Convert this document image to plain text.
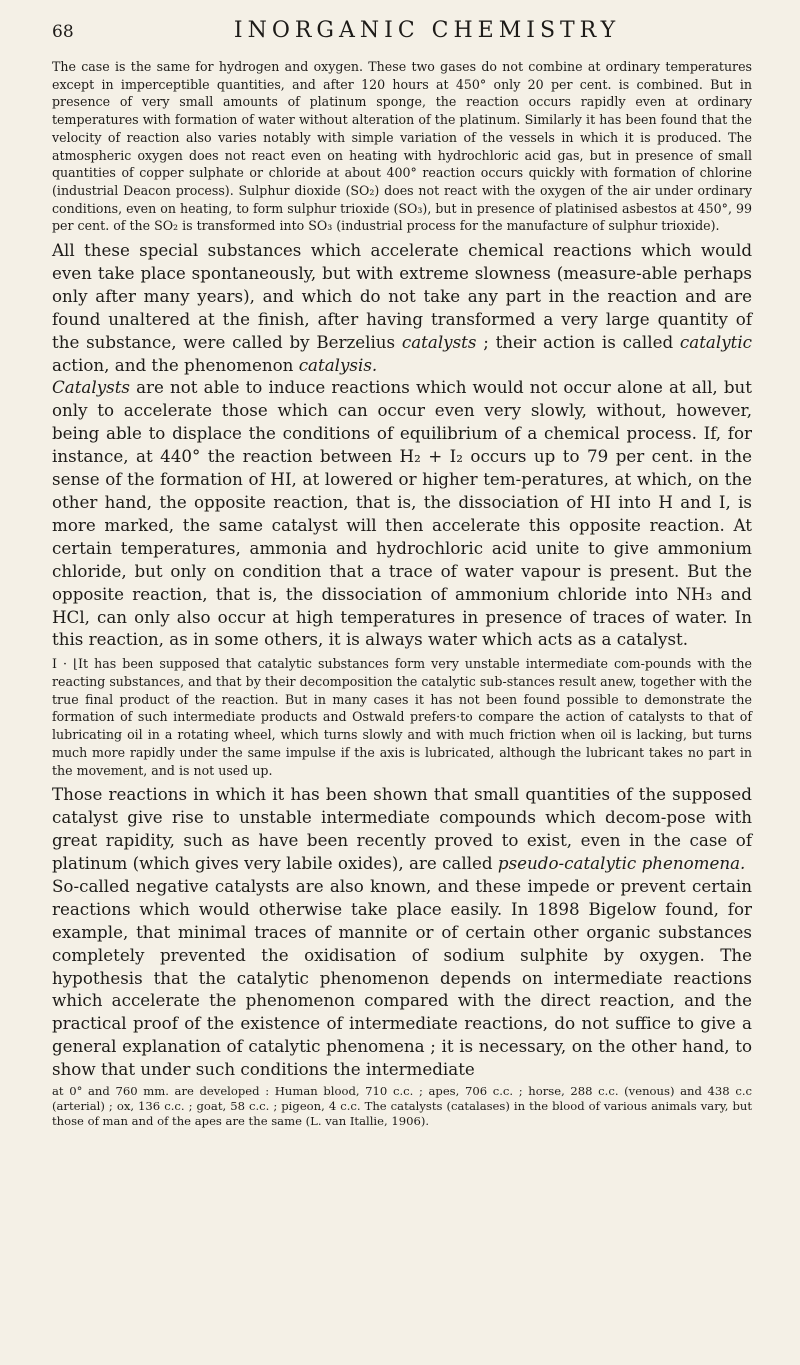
68	INORGANIC CHEMISTRY

The case is the same for hydrogen and oxygen. These two gases do not combine at ordinary temperatures except in imperceptible quantities, and after 120 hours at 450° only 20 per cent. is combined. But in presence of very small amounts of platinum sponge, the reaction occurs rapidly even at ordinary temperatures with formation of water without alteration of the platinum. Similarly it has been found that the velocity of reaction also varies notably with simple variation of the vessels in which it is produced. The atmospheric oxygen does not react even on heating with hydrochloric acid gas, but in presence of small quantities of copper sulphate or chloride at about 400° reaction occurs quickly with formation of chlorine (industrial Deacon process). Sulphur dioxide (SO₂) does not react with the oxygen of the air under ordinary conditions, even on heating, to form sulphur trioxide (SO₃), but in presence of platinised asbestos at 450°, 99 per cent. of the SO₂ is transformed into SO₃ (industrial process for the manufacture of sulphur trioxide).

All these special substances which accelerate chemical reactions which would even take place spontaneously, but with extreme slowness (measure-able perhaps only after many years), and which do not take any part in the reaction and are found unaltered at the finish, after having transformed a very large quantity of the substance, were called by Berzelius catalysts ; their action is called catalytic action, and the phenomenon catalysis.

Catalysts are not able to induce reactions which would not occur alone at all, but only to accelerate those which can occur even very slowly, without, however, being able to displace the conditions of equilibrium of a chemical process. If, for instance, at 440° the reaction between H₂ + I₂ occurs up to 79 per cent. in the sense of the formation of HI, at lowered or higher tem-peratures, at which, on the other hand, the opposite reaction, that is, the dissociation of HI into H and I, is more marked, the same catalyst will then accelerate this opposite reaction. At certain temperatures, ammonia and hydrochloric acid unite to give ammonium chloride, but only on condition that a trace of water vapour is present. But the opposite reaction, that is, the dissociation of ammonium chloride into NH₃ and HCl, can only also occur at high temperatures in presence of traces of water. In this reaction, as in some others, it is always water which acts as a catalyst.

I · ⌊It has been supposed that catalytic substances form very unstable intermediate com-pounds with the reacting substances, and that by their decomposition the catalytic sub-stances result anew, together with the true final product of the reaction. But in many cases it has not been found possible to demonstrate the formation of such intermediate products and Ostwald prefers·to compare the action of catalysts to that of lubricating oil in a rotating wheel, which turns slowly and with much friction when oil is lacking, but turns much more rapidly under the same impulse if the axis is lubricated, although the lubricant takes no part in the movement, and is not used up.

Those reactions in which it has been shown that small quantities of the supposed catalyst give rise to unstable intermediate compounds which decom-pose with great rapidity, such as have been recently proved to exist, even in the case of platinum (which gives very labile oxides), are called pseudo-catalytic phenomena.

So-called negative catalysts are also known, and these impede or prevent certain reactions which would otherwise take place easily. In 1898 Bigelow found, for example, that minimal traces of mannite or of certain other organic substances completely prevented the oxidisation of sodium sulphite by oxygen. The hypothesis that the catalytic phenomenon depends on intermediate reactions which accelerate the phenomenon compared with the direct reaction, and the practical proof of the existence of intermediate reactions, do not suffice to give a general explanation of catalytic phenomena ; it is necessary, on the other hand, to show that under such conditions the intermediate

at 0° and 760 mm. are developed : Human blood, 710 c.c. ; apes, 706 c.c. ; horse, 288 c.c. (venous) and 438 c.c (arterial) ; ox, 136 c.c. ; goat, 58 c.c. ; pigeon, 4 c.c. The catalysts (catalases) in the blood of various animals vary, but those of man and of the apes are the same (L. van Itallie, 1906).
